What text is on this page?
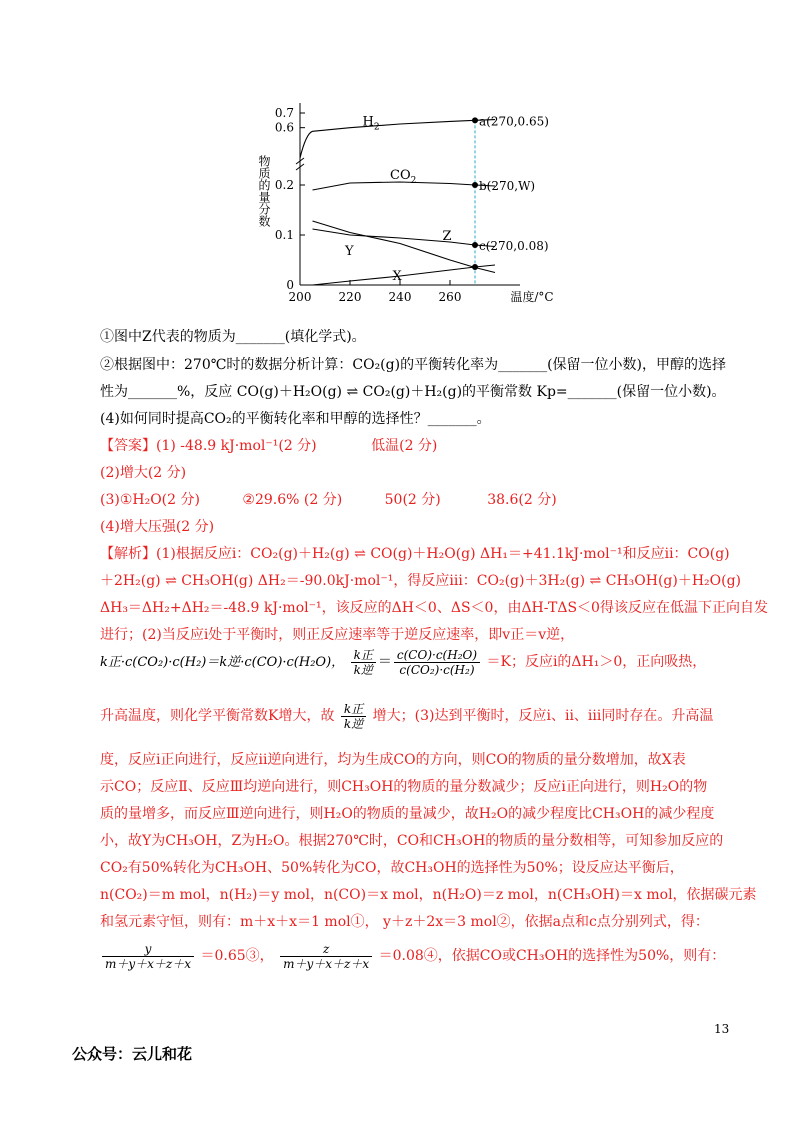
物质的量分数
0
0.1
0.2
0.6
0.7
200 220 240 260	温度/°C
a(270,0.65)
b(270,W)
c(270,0.08)
$H_2$
$CO_2$
Z
Y
X
①图中Z代表的物质为_______(填化学式)。
②根据图中：270℃时的数据分析计算：CO₂(g)的平衡转化率为_______(保留一位小数)，甲醇的选择
性为_______%，反应 CO(g)＋H₂O(g) ⇌ CO₂(g)＋H₂(g)的平衡常数 Kp=_______(保留一位小数)。
(4)如何同时提高CO₂的平衡转化率和甲醇的选择性？_______。
【答案】(1) -48.9 kJ·mol⁻¹(2 分)	低温(2 分)
(2)增大(2 分)
(3)①H₂O(2 分)	②29.6% (2 分)	50(2 分)	38.6(2 分)
(4)增大压强(2 分)
【解析】(1)根据反应ⅰ：CO₂(g)＋H₂(g) ⇌ CO(g)＋H₂O(g) ΔH₁＝+41.1kJ·mol⁻¹和反应ⅱ：CO(g)
＋2H₂(g) ⇌ CH₃OH(g) ΔH₂＝-90.0kJ·mol⁻¹，得反应ⅲ：CO₂(g)＋3H₂(g) ⇌ CH₃OH(g)＋H₂O(g)
ΔH₃＝ΔH₂+ΔH₂＝-48.9 kJ·mol⁻¹，该反应的ΔH＜0、ΔS＜0，由ΔH-TΔS＜0得该反应在低温下正向自发
进行；(2)当反应ⅰ处于平衡时，则正反应速率等于逆反应速率，即v正＝v逆，
k正·c(CO₂)·c(H₂)＝k逆·c(CO)·c(H₂O)， $\frac{\text{k正}}{\text{k逆}} = \frac{\text{c(CO)·c(H₂O)}}{\text{c(CO₂)·c(H₂)}} =K$；反应ⅰ的ΔH₁＞0，正向吸热，
升高温度，则化学平衡常数K增大，故 $\frac{\text{k正}}{\text{k逆}}$ 增大；(3)达到平衡时，反应ⅰ、ⅱ、ⅲ同时存在。升高温
度，反应ⅰ正向进行，反应ⅱ逆向进行，均为生成CO的方向，则CO的物质的量分数增加，故X表
示CO；反应Ⅱ、反应Ⅲ均逆向进行，则CH₃OH的物质的量分数减少；反应ⅰ正向进行，则H₂O的物
质的量增多，而反应Ⅲ逆向进行，则H₂O的物质的量减少，故H₂O的减少程度比CH₃OH的减少程度
小，故Y为CH₃OH，Z为H₂O。根据270℃时，CO和CH₃OH的物质的量分数相等，可知参加反应的
CO₂有50%转化为CH₃OH、50%转化为CO，故CH₃OH的选择性为50%；设反应达平衡后，
n(CO₂)＝m mol，n(H₂)＝y mol，n(CO)＝x mol，n(H₂O)＝z mol，n(CH₃OH)＝x mol，依据碳元素
和氢元素守恒，则有：m＋x＋x＝1 mol①， y＋z＋2x＝3 mol②，依据a点和c点分别列式，得：
$\frac{y}{m+y+x+z+x}$ ＝0.65③， $\frac{z}{m+y+x+z+x}$ ＝0.08④，依据CO或CH₃OH的选择性为50%，则有：
13
公众号：云儿和花
